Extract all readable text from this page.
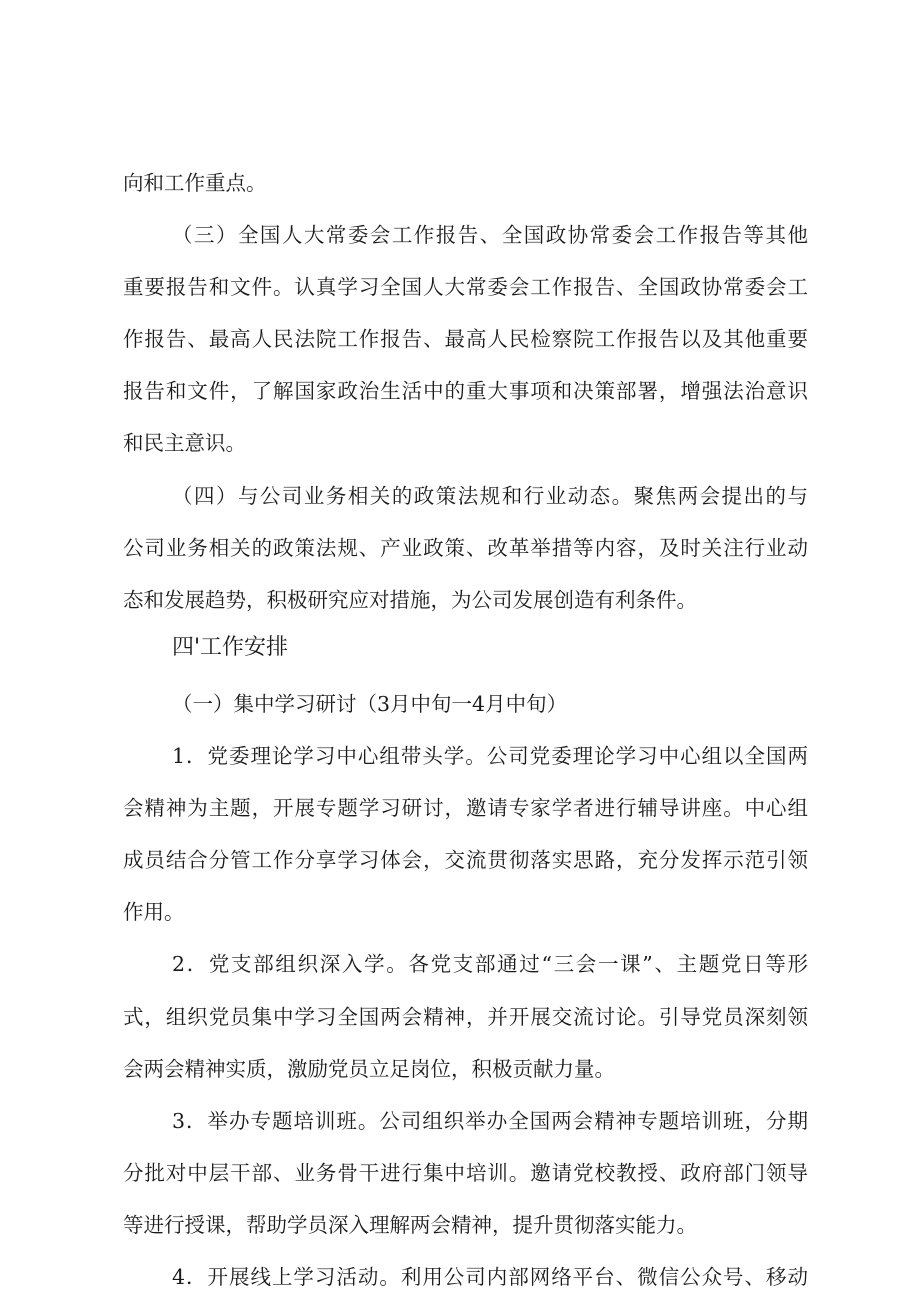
向和工作重点。
（三）全国人大常委会工作报告、全国政协常委会工作报告等其他
重要报告和文件。认真学习全国人大常委会工作报告、全国政协常委会工
作报告、最高人民法院工作报告、最高人民检察院工作报告以及其他重要
报告和文件，了解国家政治生活中的重大事项和决策部署，增强法治意识
和民主意识。
（四）与公司业务相关的政策法规和行业动态。聚焦两会提出的与
公司业务相关的政策法规、产业政策、改革举措等内容，及时关注行业动
态和发展趋势，积极研究应对措施，为公司发展创造有利条件。
四'工作安排
（一）集中学习研讨（3月中旬一4月中旬）
1．党委理论学习中心组带头学。公司党委理论学习中心组以全国两
会精神为主题，开展专题学习研讨，邀请专家学者进行辅导讲座。中心组
成员结合分管工作分享学习体会，交流贯彻落实思路，充分发挥示范引领
作用。
2．党支部组织深入学。各党支部通过“三会一课”、主题党日等形
式，组织党员集中学习全国两会精神，并开展交流讨论。引导党员深刻领
会两会精神实质，激励党员立足岗位，积极贡献力量。
3．举办专题培训班。公司组织举办全国两会精神专题培训班，分期
分批对中层干部、业务骨干进行集中培训。邀请党校教授、政府部门领导
等进行授课，帮助学员深入理解两会精神，提升贯彻落实能力。
4．开展线上学习活动。利用公司内部网络平台、微信公众号、移动
